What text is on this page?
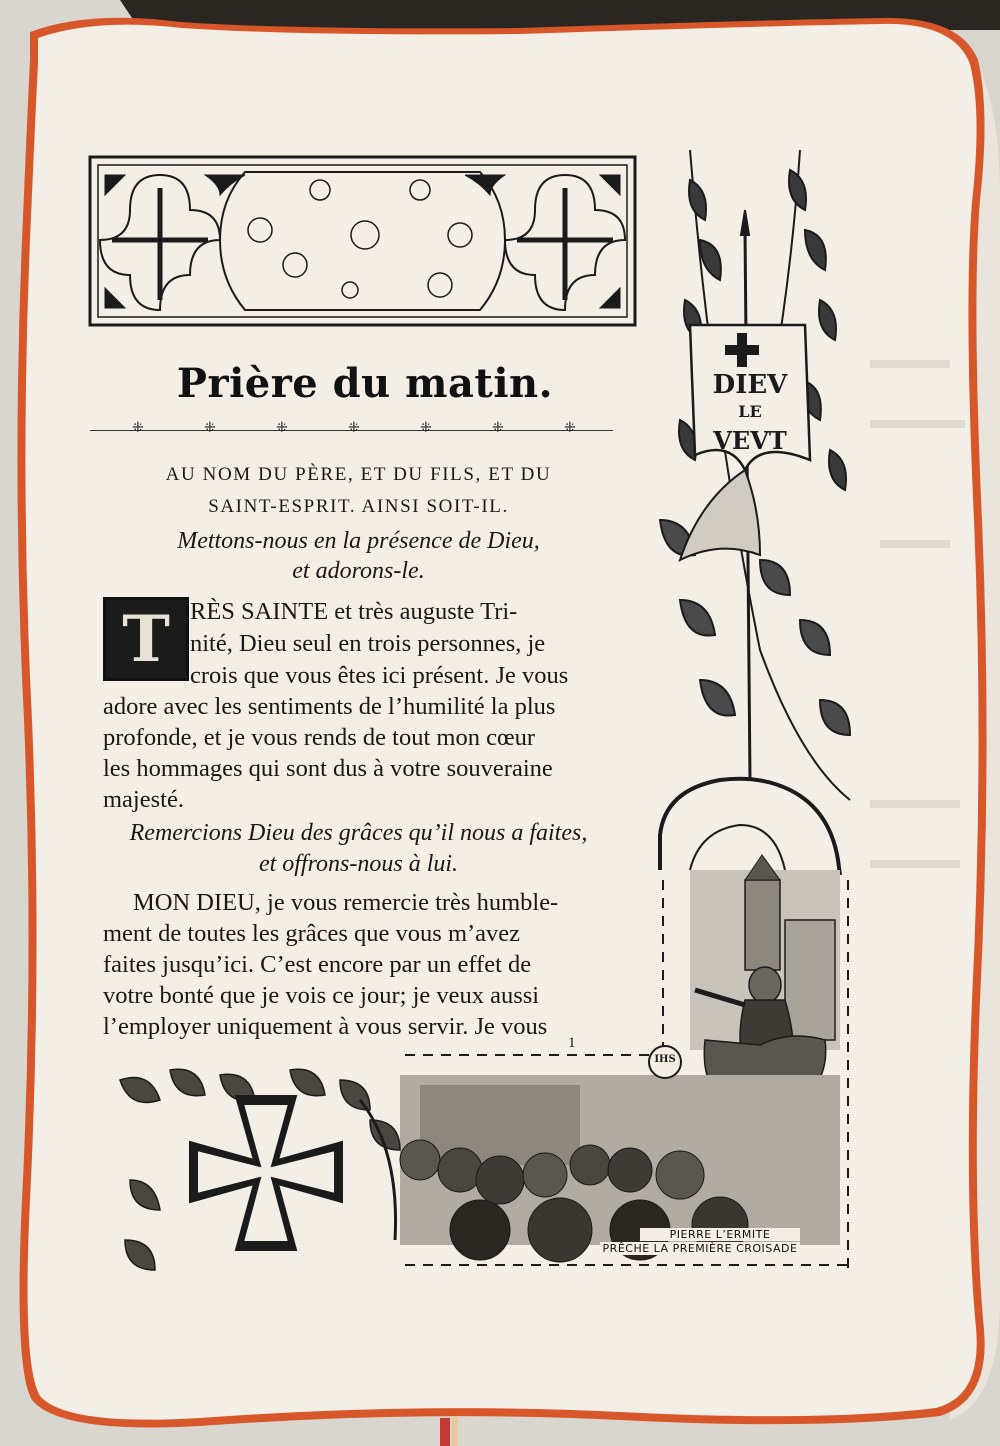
DIEV
LE
VEVT
IHS
PIERRE L’ERMITE
PRÊCHE LA PREMIÈRE CROISADE
Prière du matin.
⁜	⁜	⁜	⁜	⁜	⁜	⁜
AU NOM DU PÈRE, ET DU FILS, ET DU
SAINT-ESPRIT. AINSI SOIT-IL.
Mettons-nous en la présence de Dieu,
et adorons-le.
T RÈS SAINTE et très auguste Tri-
nité, Dieu seul en trois personnes, je
crois que vous êtes ici présent. Je vous
adore avec les sentiments de l’humilité la plus
profonde, et je vous rends de tout mon cœur
les hommages qui sont dus à votre souveraine
majesté.
Remercions Dieu des grâces qu’il nous a faites,
et offrons-nous à lui.
MON DIEU, je vous remercie très humble-
ment de toutes les grâces que vous m’avez
faites jusqu’ici. C’est encore par un effet de
votre bonté que je vois ce jour; je veux aussi
l’employer uniquement à vous servir. Je vous
1
